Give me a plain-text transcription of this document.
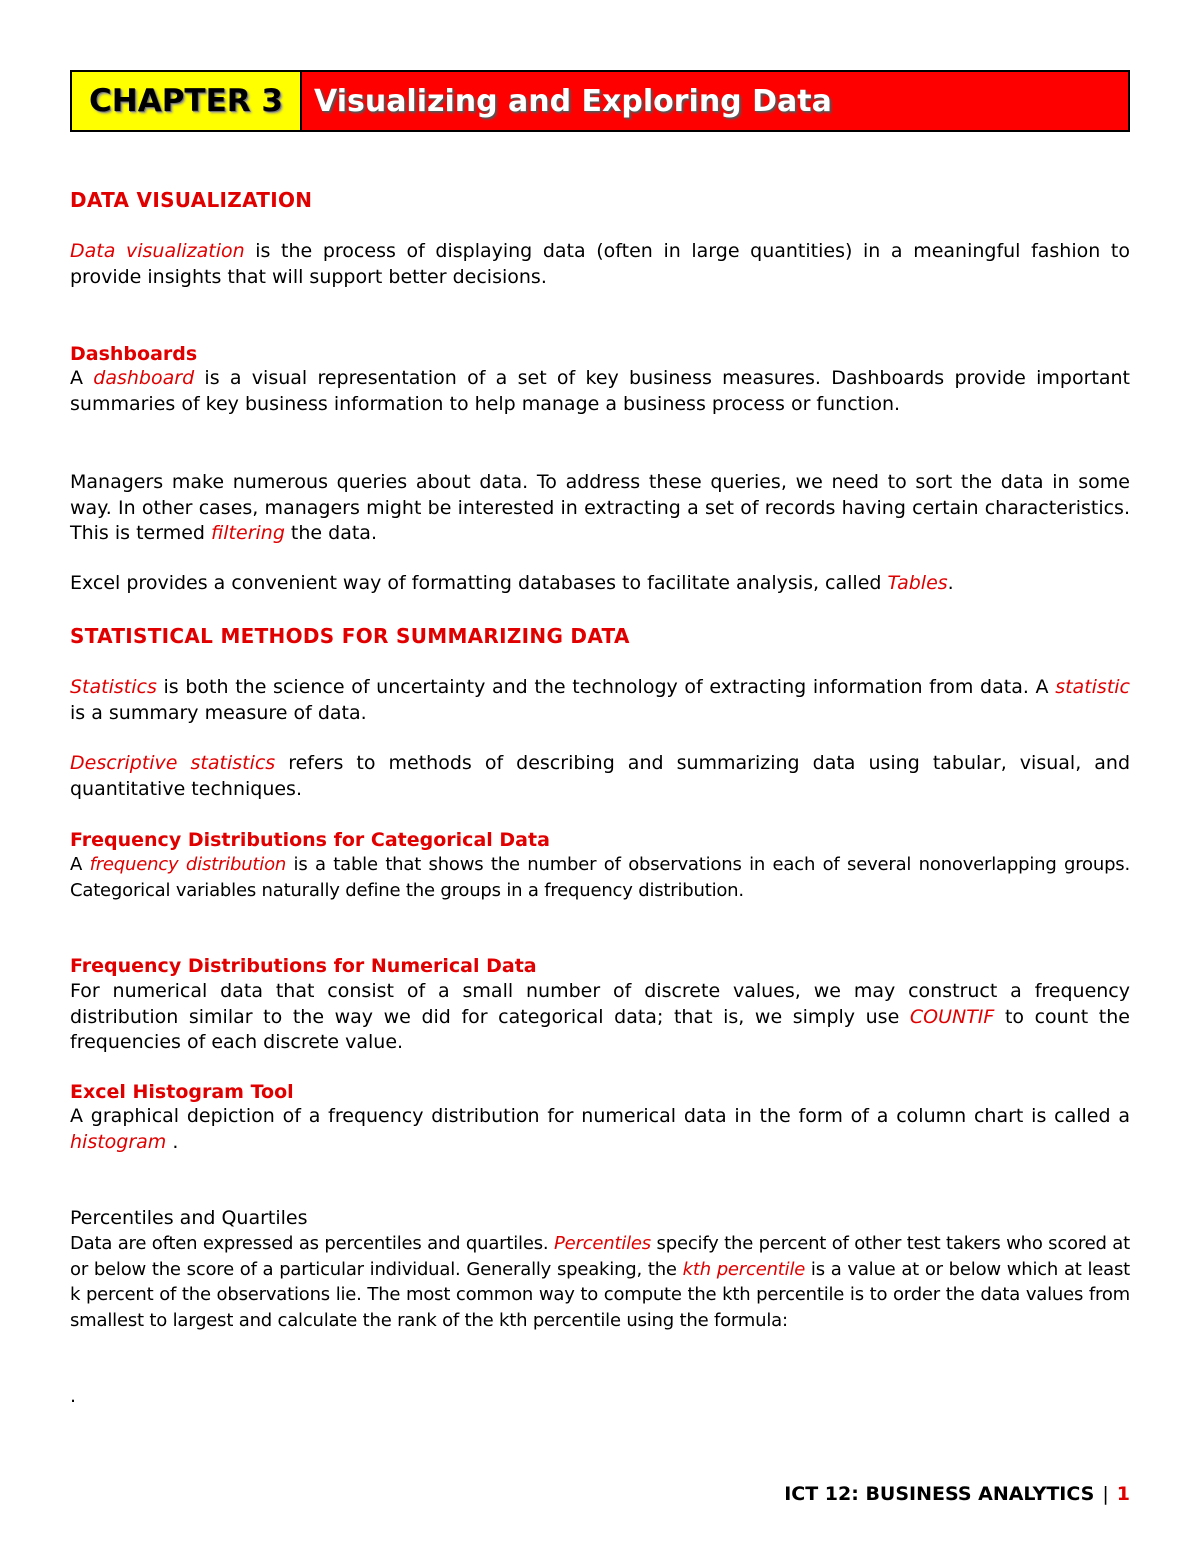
CHAPTER 3	Visualizing and Exploring Data
DATA VISUALIZATION
Data visualization is the process of displaying data (often in large quantities) in a meaningful fashion to provide insights that will support better decisions.
Dashboards
A dashboard is a visual representation of a set of key business measures. Dashboards provide important summaries of key business information to help manage a business process or function.
Managers make numerous queries about data. To address these queries, we need to sort the data in some way. In other cases, managers might be interested in extracting a set of records having certain characteristics. This is termed filtering the data.
Excel provides a convenient way of formatting databases to facilitate analysis, called Tables.
STATISTICAL METHODS FOR SUMMARIZING DATA
Statistics is both the science of uncertainty and the technology of extracting information from data. A statistic is a summary measure of data.
Descriptive statistics refers to methods of describing and summarizing data using tabular, visual, and quantitative techniques.
Frequency Distributions for Categorical Data
A frequency distribution is a table that shows the number of observations in each of several nonoverlapping groups. Categorical variables naturally define the groups in a frequency distribution.
Frequency Distributions for Numerical Data
For numerical data that consist of a small number of discrete values, we may construct a frequency distribution similar to the way we did for categorical data; that is, we simply use COUNTIF to count the frequencies of each discrete value.
Excel Histogram Tool
A graphical depiction of a frequency distribution for numerical data in the form of a column chart is called a histogram .
Percentiles and Quartiles
Data are often expressed as percentiles and quartiles. Percentiles specify the percent of other test takers who scored at or below the score of a particular individual. Generally speaking, the kth percentile is a value at or below which at least k percent of the observations lie. The most common way to compute the kth percentile is to order the data values from smallest to largest and calculate the rank of the kth percentile using the formula:
.
ICT 12: BUSINESS ANALYTICS | 1
